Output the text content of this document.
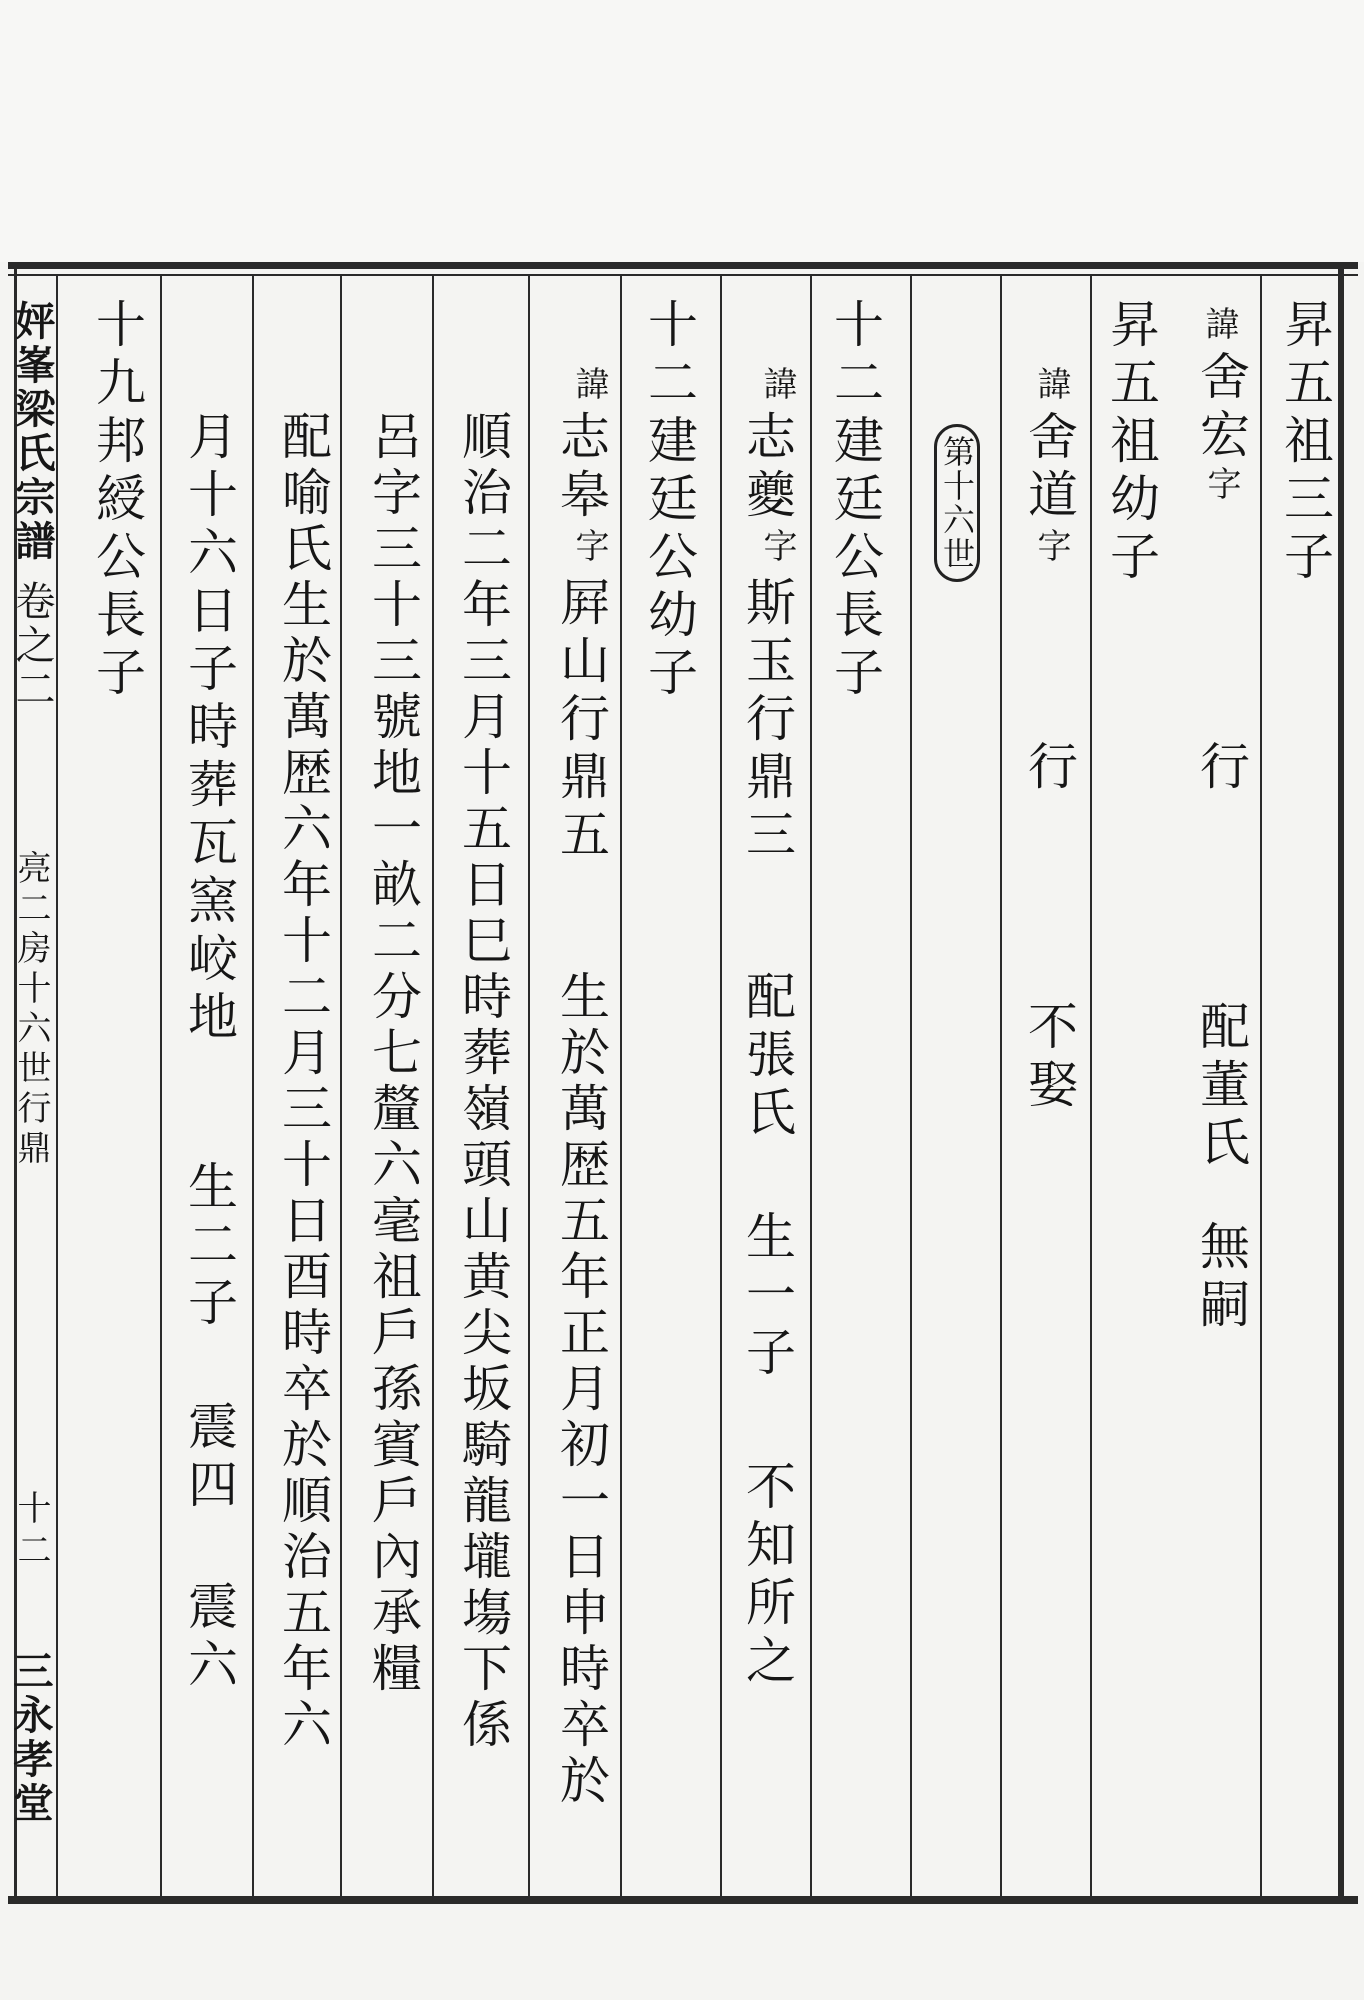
㛁峯梁氏宗譜
卷之二
亮二房十六世行鼎
十二
三永孝堂
昇五祖三子
諱
舍宏
字
行
配董氏
無嗣
昇五祖幼子
諱
舍道
字
行
不娶
第十六世
十二建廷公長子
諱
志夔
字
斯玉行鼎三
配張氏
生一子
不知所之
十二建廷公幼子
諱
志皋
字
屛山行鼎五
生於萬歴五年正月初一日申時卒於
順治二年三月十五日巳時葬嶺頭山黄尖坂騎龍壠塲下係
呂字三十三號地一畝二分七釐六毫祖戶孫賓戶內承糧
配喻氏生於萬歴六年十二月三十日酉時卒於順治五年六
月十六日子時葬瓦窯峧地
生二子
震四
震六
十九邦綬公長子
